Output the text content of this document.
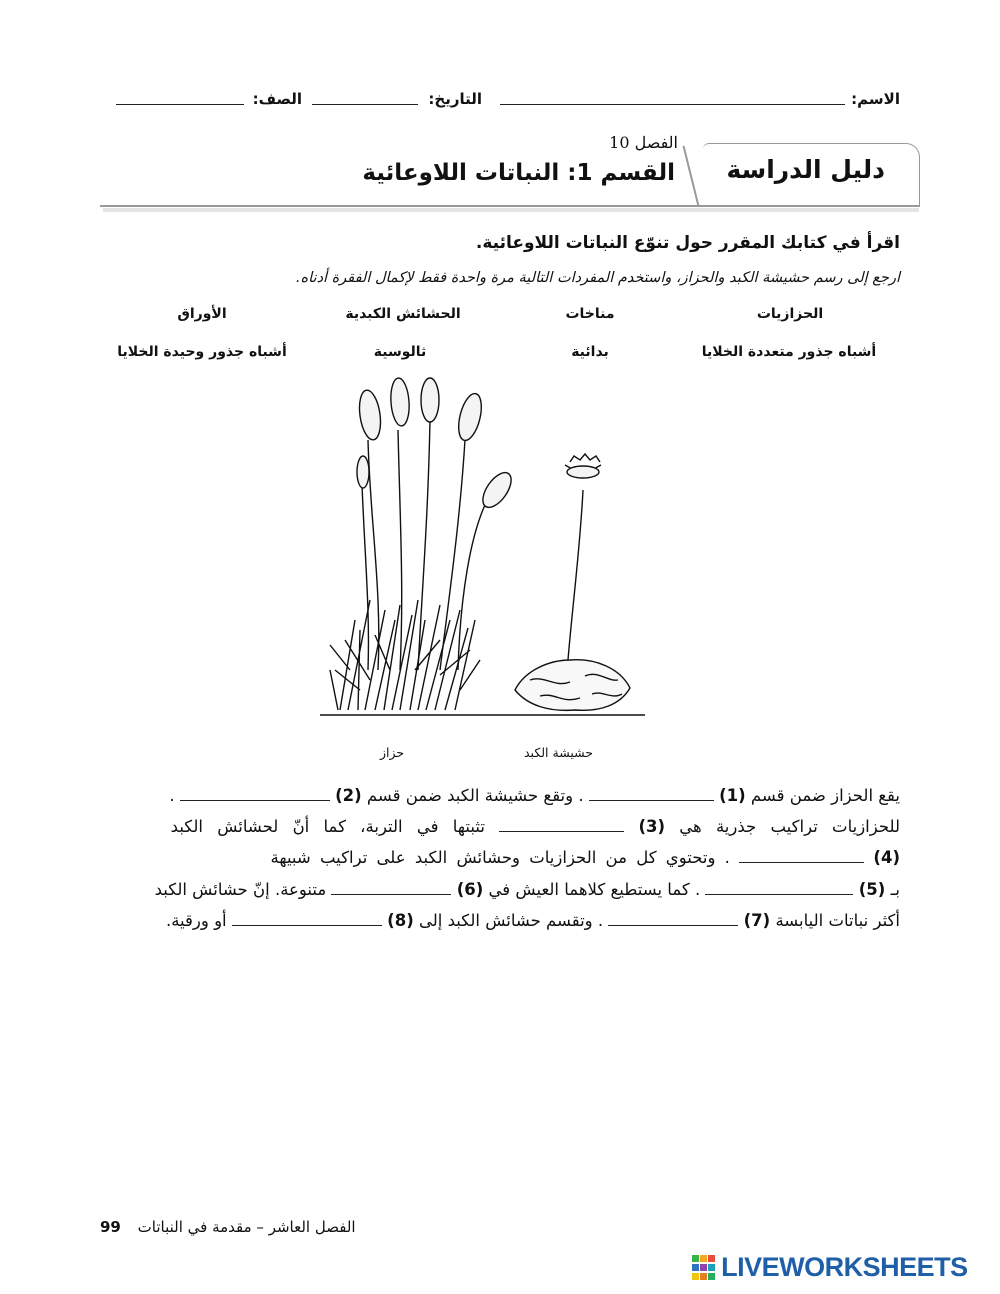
الاسم:
التاريخ:
الصف:
دليل الدراسة
الفصل 10
القسم 1: النباتات اللاوعائية
اقرأ في كتابك المقرر حول تنوّع النباتات اللاوعائية.
ارجع إلى رسم حشيشة الكبد والحزاز، واستخدم المفردات التالية مرة واحدة فقط لإكمال الفقرة أدناه.
الحزازيات
مناخات
الحشائش الكبدية
الأوراق
أشباه جذور متعددة الخلايا
بدائية
ثالوسية
أشباه جذور وحيدة الخلايا
حزاز	حشيشة الكبد
يقع الحزاز ضمن قسم (1)  . وتقع حشيشة الكبد ضمن قسم (2)  .
للحزازيات تراكيب جذرية هي (3)  تثبتها في التربة، كما أنّ لحشائش الكبد
(4)  . وتحتوي كل من الحزازيات وحشائش الكبد على تراكيب شبيهة
بـ (5)  . كما يستطيع كلاهما العيش في (6)  متنوعة. إنّ حشائش الكبد
أكثر نباتات اليابسة (7)  . وتقسم حشائش الكبد إلى (8)  أو ورقية.
الفصل العاشر – مقدمة في النباتات 99
LIVEWORKSHEETS
